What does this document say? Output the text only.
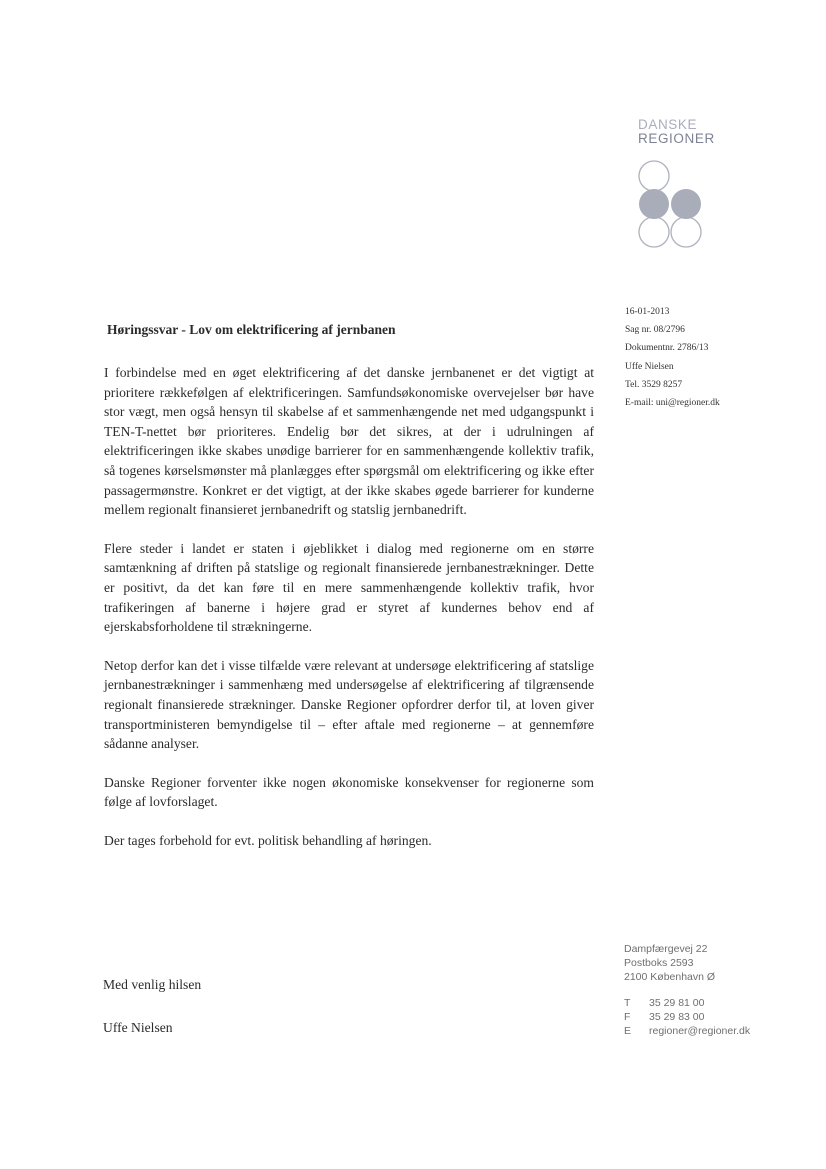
DANSKE
REGIONER
16-01-2013
Sag nr. 08/2796
Dokumentnr. 2786/13
Uffe Nielsen
Tel. 3529 8257
E-mail: uni@regioner.dk
Høringssvar - Lov om elektrificering af jernbanen

I forbindelse med en øget elektrificering af det danske jernbanenet er det vigtigt at prioritere rækkefølgen af elektrificeringen. Samfundsøkonomiske overvejelser bør have stor vægt, men også hensyn til skabelse af et sammenhængende net med udgangspunkt i TEN-T-nettet bør prioriteres. Endelig bør det sikres, at der i udrulningen af elektrificeringen ikke skabes unødige barrierer for en sammenhængende kollektiv trafik, så togenes kørselsmønster må planlægges efter spørgsmål om elektrificering og ikke efter passagermønstre. Konkret er det vigtigt, at der ikke skabes øgede barrierer for kunderne mellem regionalt finansieret jernbanedrift og statslig jernbanedrift.

Flere steder i landet er staten i øjeblikket i dialog med regionerne om en større samtænkning af driften på statslige og regionalt finansierede jernbanestrækninger. Dette er positivt, da det kan føre til en mere sammenhængende kollektiv trafik, hvor trafikeringen af banerne i højere grad er styret af kundernes behov end af ejerskabsforholdene til strækningerne.

Netop derfor kan det i visse tilfælde være relevant at undersøge elektrificering af statslige jernbanestrækninger i sammenhæng med undersøgelse af elektrificering af tilgrænsende regionalt finansierede strækninger. Danske Regioner opfordrer derfor til, at loven giver transportministeren bemyndigelse til – efter aftale med regionerne – at gennemføre sådanne analyser.

Danske Regioner forventer ikke nogen økonomiske konsekvenser for regionerne som følge af lovforslaget.

Der tages forbehold for evt. politisk behandling af høringen.

Med venlig hilsen
Uffe Nielsen
Dampfærgevej 22
Postboks 2593
2100 København Ø
T	35 29 81 00
F	35 29 83 00
E	regioner@regioner.dk
